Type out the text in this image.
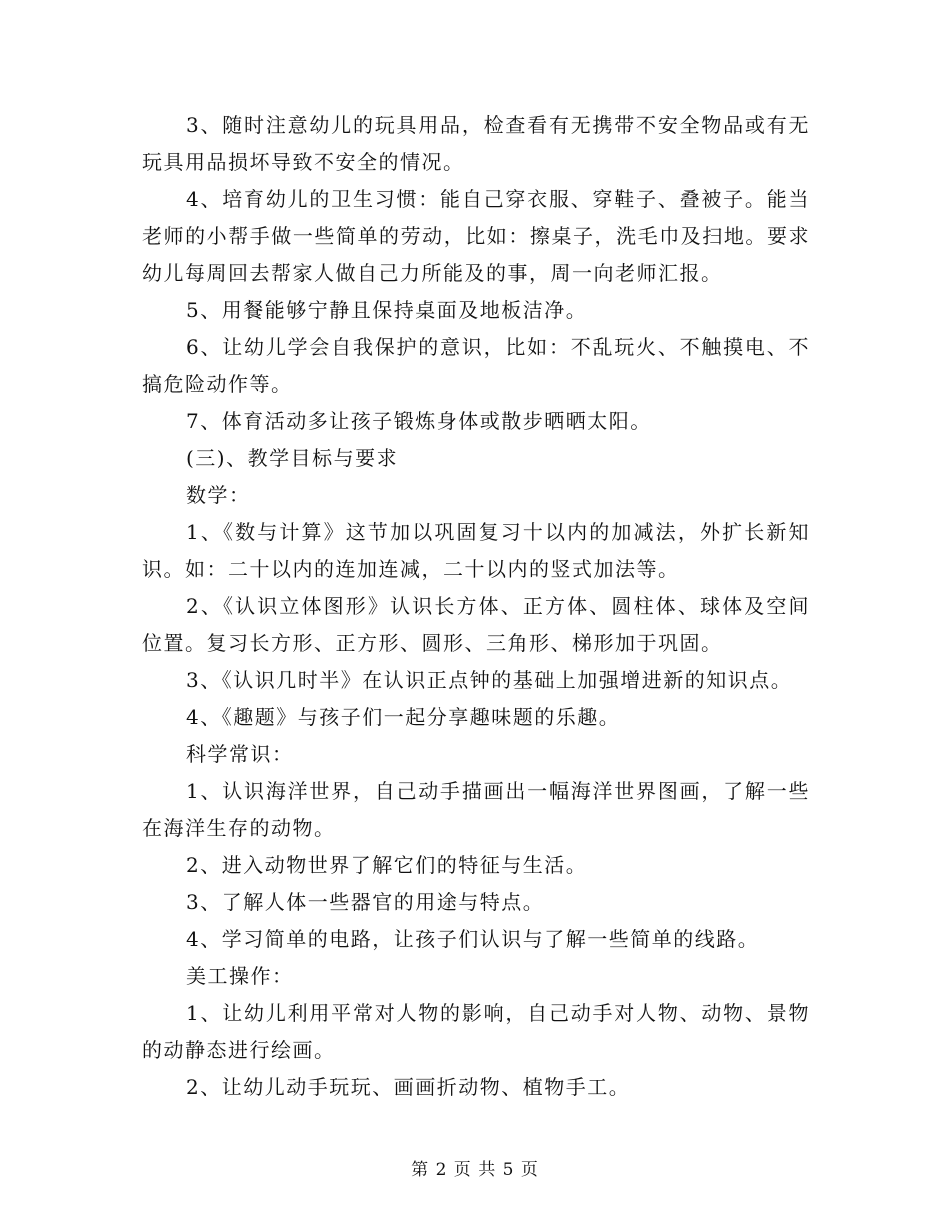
3、随时注意幼儿的玩具用品，检查看有无携带不安全物品或有无玩具用品损坏导致不安全的情况。

4、培育幼儿的卫生习惯：能自己穿衣服、穿鞋子、叠被子。能当老师的小帮手做一些简单的劳动，比如：擦桌子，洗毛巾及扫地。要求幼儿每周回去帮家人做自己力所能及的事，周一向老师汇报。

5、用餐能够宁静且保持桌面及地板洁净。

6、让幼儿学会自我保护的意识，比如：不乱玩火、不触摸电、不搞危险动作等。

7、体育活动多让孩子锻炼身体或散步晒晒太阳。

(三)、教学目标与要求

数学：

1、《数与计算》这节加以巩固复习十以内的加减法，外扩长新知识。如：二十以内的连加连减，二十以内的竖式加法等。

2、《认识立体图形》认识长方体、正方体、圆柱体、球体及空间位置。复习长方形、正方形、圆形、三角形、梯形加于巩固。

3、《认识几时半》在认识正点钟的基础上加强增进新的知识点。

4、《趣题》与孩子们一起分享趣味题的乐趣。

科学常识：

1、认识海洋世界，自己动手描画出一幅海洋世界图画，了解一些在海洋生存的动物。

2、进入动物世界了解它们的特征与生活。

3、了解人体一些器官的用途与特点。

4、学习简单的电路，让孩子们认识与了解一些简单的线路。

美工操作：

1、让幼儿利用平常对人物的影响，自己动手对人物、动物、景物的动静态进行绘画。

2、让幼儿动手玩玩、画画折动物、植物手工。

第 2 页 共 5 页
